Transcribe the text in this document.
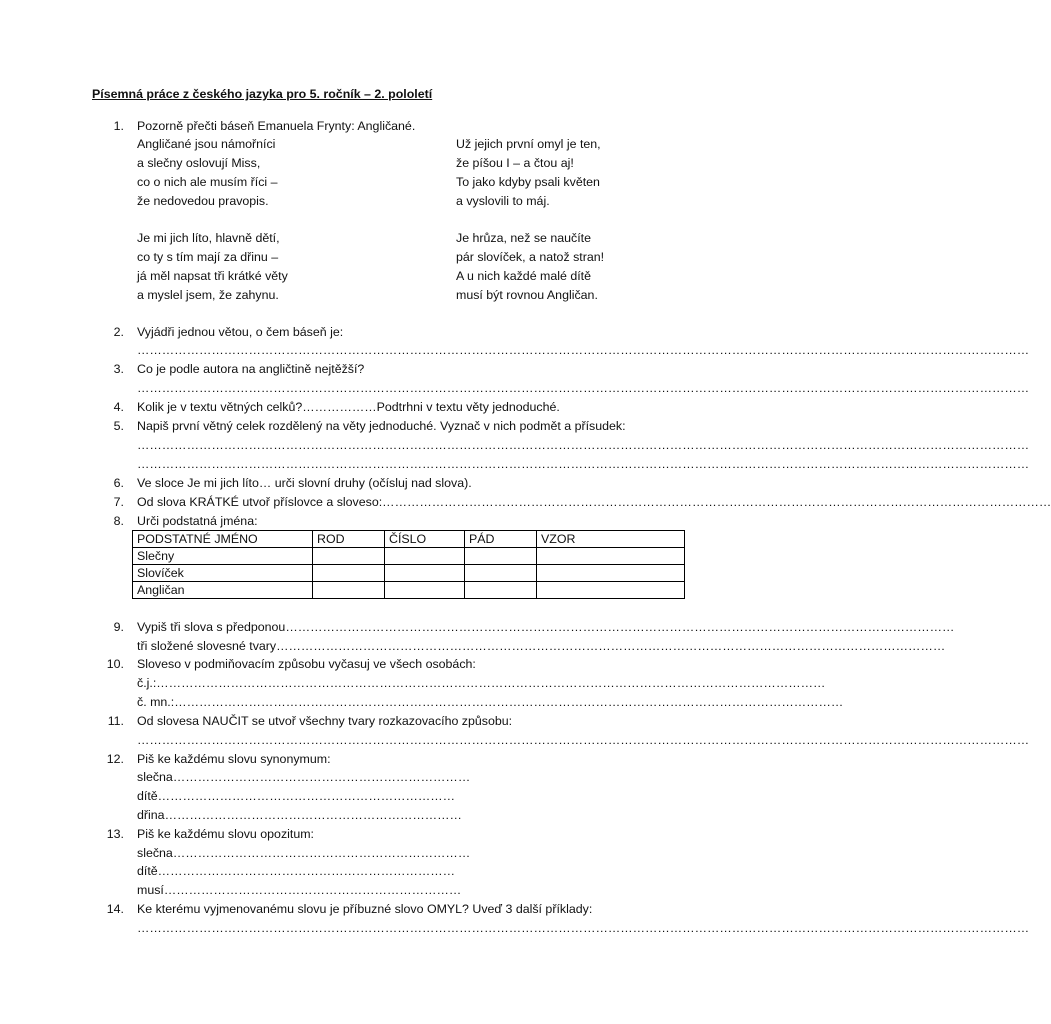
Písemná práce z českého jazyka pro 5. ročník – 2. pololetí
1. Pozorně přečti báseň Emanuela Frynty: Angličané.
Angličané jsou námořníci
a slečny oslovují Miss,
co o nich ale musím říci –
že nedovedou pravopis.
Je mi jich líto, hlavně dětí,
co ty s tím mají za dřinu –
já měl napsat tři krátké věty
a myslel jsem, že zahynu.
Už jejich první omyl je ten,
že píšou I – a čtou aj!
To jako kdyby psali květen
a vyslovili to máj.
Je hrůza, než se naučíte
pár slovíček, a natož stran!
A u nich každé malé dítě
musí být rovnou Angličan.
2. Vyjádři jednou větou, o čem báseň je:
………………………………………………………………………………………………………………………………………………………………………………………………
3. Co je podle autora na angličtině nejtěžší?
………………………………………………………………………………………………………………………………………………………………………………………………
4. Kolik je v textu větných celků?………………Podtrhni v textu věty jednoduché.
5. Napiš první větný celek rozdělený na věty jednoduché. Vyznač v nich podmět a přísudek:
………………………………………………………………………………………………………………………………………………………………………………………………
………………………………………………………………………………………………………………………………………………………………………………………………
6. Ve sloce Je mi jich líto… urči slovní druhy (očísluj nad slova).
7. Od slova KRÁTKÉ utvoř příslovce a sloveso: ………………………………………………………………………………………………………………………………………………
8. Urči podstatná jména:
PODSTATNÉ JMÉNO	ROD	ČÍSLO	PÁD	VZOR
Slečny				
Slovíček				
Angličan				
9. Vypiš tři slova s předponou ………………………………………………………………………………………………………………………………………………
tři složené slovesné tvary ………………………………………………………………………………………………………………………………………………
10. Sloveso v podmiňovacím způsobu vyčasuj ve všech osobách:
č.j.: ………………………………………………………………………………………………………………………………………………
č. mn.: ………………………………………………………………………………………………………………………………………………
11. Od slovesa NAUČIT se utvoř všechny tvary rozkazovacího způsobu:
………………………………………………………………………………………………………………………………………………………………………………………………
12. Piš ke každému slovu synonymum:
slečna ………………………………………………………………
dítě ………………………………………………………………
dřina ………………………………………………………………
13. Piš ke každému slovu opozitum:
slečna ………………………………………………………………
dítě ………………………………………………………………
musí ………………………………………………………………
14. Ke kterému vyjmenovanému slovu je příbuzné slovo OMYL? Uveď 3 další příklady:
………………………………………………………………………………………………………………………………………………………………………………………………
